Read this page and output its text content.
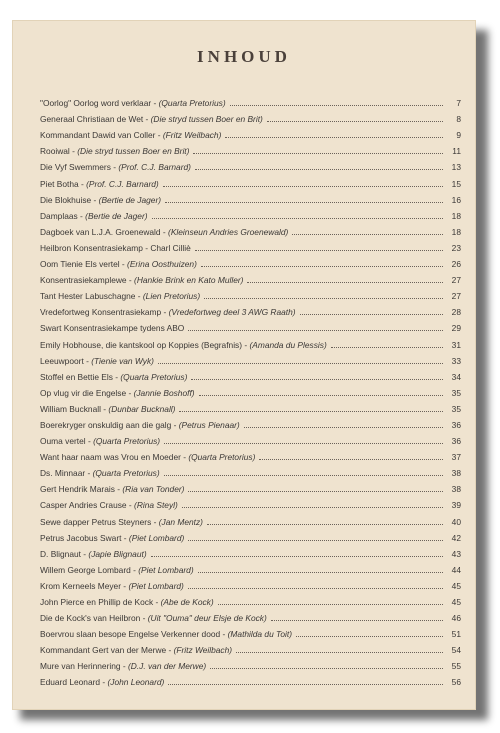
INHOUD
"Oorlog" Oorlog word verklaar - (Quarta Pretorius)	7
Generaal Christiaan de Wet - (Die stryd tussen Boer en Brit)	8
Kommandant Dawid van Coller - (Fritz Weilbach)	9
Rooiwal - (Die stryd tussen Boer en Brit)	11
Die Vyf Swemmers - (Prof. C.J. Barnard)	13
Piet Botha - (Prof. C.J. Barnard)	15
Die Blokhuise - (Bertie de Jager)	16
Damplaas - (Bertie de Jager)	18
Dagboek van L.J.A. Groenewald - (Kleinseun Andries Groenewald)	18
Heilbron Konsentrasiekamp - Charl Cilliè	23
Oom Tienie Els vertel - (Erina Oosthuizen)	26
Konsentrasiekamplewe - (Hankie Brink en Kato Muller)	27
Tant Hester Labuschagne - (Lien Pretorius)	27
Vredefortweg Konsentrasiekamp - (Vredefortweg deel 3 AWG Raath)	28
Swart Konsentrasiekampe tydens ABO	29
Emily Hobhouse, die kantskool op Koppies (Begrafnis) - (Amanda du Plessis)	31
Leeuwpoort - (Tienie van Wyk)	33
Stoffel en Bettie Els - (Quarta Pretorius)	34
Op vlug vir die Engelse - (Jannie Boshoff)	35
William Bucknall - (Dunbar Bucknall)	35
Boerekryger onskuldig aan die galg - (Petrus Pienaar)	36
Ouma vertel - (Quarta Pretorius)	36
Want haar naam was Vrou en Moeder - (Quarta Pretorius)	37
Ds. Minnaar - (Quarta Pretorius)	38
Gert Hendrik Marais - (Ria van Tonder)	38
Casper Andries Crause - (Rina Steyl)	39
Sewe dapper Petrus Steyners - (Jan Mentz)	40
Petrus Jacobus Swart - (Piet Lombard)	42
D. Blignaut - (Japie Blignaut)	43
Willem George Lombard - (Piet Lombard)	44
Krom Kerneels Meyer - (Piet Lombard)	45
John Pierce en Phillip de Kock - (Abe de Kock)	45
Die de Kock's van Heilbron - (Uit "Ouma" deur Elsje de Kock)	46
Boervrou slaan besope Engelse Verkenner dood - (Mathilda du Toit)	51
Kommandant Gert van der Merwe - (Fritz Weilbach)	54
Mure van Herinnering - (D.J. van der Merwe)	55
Eduard Leonard - (John Leonard)	56
